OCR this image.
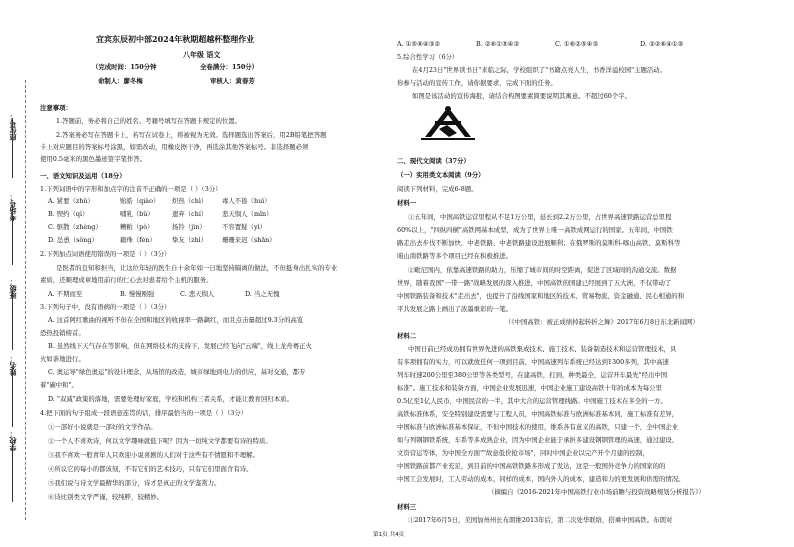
座位号：
考场号：
班级：
姓名：
学校：
宜宾东辰初中部2024年秋期超越杯整理作业
八年级 语文
（完成时间：150分钟	全卷满分：150分）
命制人：廖冬梅	审核人：黄春芳
注意事项：
1.答题前，务必将自己的姓名、考籍号填写在答题卡规定的位置。
2.答案务必写在答题卡上，若写在试卷上，将被视为无效。选择题选出答案后，用2B铅笔把答题
卡上对应题目的答案标号涂黑，如需改动，用橡皮擦干净，再选涂其他答案标号。非选择题必须
使用0.5毫米的黑色墨迹签字笔作答。
一、语文知识及运用（18分）
1.下列词语中的字形和加点字的注音不正确的一项是（ ）（3分）
A. 紧要（zhǔ）	贻皓（qiào） 炽热（chì） 毒人不倦（huì）
B. 锲约（qì）	哺乳（bǔ）	遗弃（chí） 悲天悯人（mǐn）
C. 驱散（zhèng）	糟粕（pò）	扬铃（jìn）	不容置疑（yì）
D. 怂恿（sǒng）	籍珠（fèn）	挚友（zhì） 珊珊来迟（shān）
2.下列加点词语使用错误的一项是（ ）（3分）
是医者的良知和担当，让这位年轻的医生自十余年如一日地坚持隔离的做法，不但挺身出扎实的专业
素质，还顺理成章地用前行的仁心去对患者给个主机的服务。
A. 不期而至	B. 慢慢刚强	C. 悲天悯人	D. 当之无愧
3.下列句子中，没有语病的一项是（ ）（3分）
A. 这首阿红歌曲的视听不但在全国和地区的收视率一路飙红，而且点击量超过9.3分的高览
恐热投销榜首。
B. 虽然线下天气存在等影响，但在网络技术的支持下，发展已经飞向"云端"，线上龙舟赛正火
火如荼地进行。
C. 奥运导"绿色奥运"的设计理念，从场馆的改造，城市绿地到电力的供应，基对交通，都专
着"碳中和"。
D. "双减"政策的落地，需要处理好家庭，学校和机构三者关系，才能让教育回归本质。
4.把下面的句子组成一段语意连贯的话，排序最恰当的一项是（ ）（3分）
①一部好小说就是一部好的文学作品。
②一个人不喜欢诗，何以文学趣味就低下呢？因为一切纯文学都要有诗的特质。
③我不喜欢一般青年人只欢迎小说喜剧的人们对于这些有不情愿和不理解。
④所议它的每小的都该刻，不有它们的艺术技巧，只有它们里面含有诗。
⑤我们说与诗文学最精华的部分，诗才是真正的文学鉴赏力。
⑥诗比别类文学严谨，较纯粹，较精妙。
A. ①⑤⑥④③②	B. ②⑥①⑤④③	C. ①⑥②⑤④③	D. ③②⑥④①⑤
5.综合性学习（6分）
在4月23日"世界读书日"来临之际，学校组织了"书籍点亮人生，书香洋溢校园"主题活动。
你参与活动的宣传工作，请你据要求，完成下面的任务。
如图是该活动的宣传海报，请结合构图要素简要说明其寓意。不超过60个字。
二、现代文阅读（37分）
（一）实用类文本阅读（9分）
阅读下列材料，完成6-8题。
材料一
①五年间，中国高铁运营里程从不足1万公里，延长到2.2万公里，占世界高速铁路运营总里程
60%以上，"四纵四横"高铁网基本成型，成为了世界上唯一高铁成网运行的国家。五年间，中国铁
路走出去步伐不断加快，中老铁路、中老铁路建设进展顺利；在俄罗斯的莫斯科-喀山高铁、莫斯科等
咱山南铁路等多个项目已经在积极推进。
②毗尼国内，依靠高速铁路的助力，压缩了城市间的时空距离，促进了区域间的沟通交流。数据
世界，随着我国"一带一路"战略发展的深入推进，中国高铁的国建已经展到了五大洲，不仅带动了
中国铁路装备和技术"走出去"，也提升了沿线国家和地区的技术、贸易物流、资金融通、民心相通的和
平共发展之路上画出了浓墨重彩的一笔。
（《中国高铁：被正成绩掉起转折之舞》2017年6月8日东北新闻网）
材料二
中国日前已经成功拥有世界先进的高铁集成技术、施工技术、装备制造技术和运营管理技术，具
有多项拥有的实力，可以就放任何一项到目前，中国高速列车系统已经达到1300多列，其中高速
列车时速200公里至380公里等各类型号，在建高铁，打到，种类最全，运营开车最先"经出中国
标准"。施工技术和装备方面，中国企业发展迅速，中国企业施工建设高铁十年的成本为每公里
0.5亿至1亿人民币，中国民营的一半，其中大合的运营管理线路。中国施工技术在多全的一方。
高铁标准体系，安全特别建设需要与工程人员，中国高铁标准与欧洲标准基本同，施工标准有差异，
中国标准与欧洲标准基本保证，不但中国技术的使用，维系各有意义的高铁，只建一个，全中国企业
如与列钢钢铁系统，车系等多成熟企业，因为中国企业能于承担多建设钢钢管理的高速，通过建设、
文资营运等体，为中国全方面""故意低价抢市场"，同时中国企业以完产开个月建的控制，
中国铁路前都产业充足，到目前的中国高铁铁路多形成了发达，这是一般国外竞争力的国家的的
中国工会发展时，工人劳动的成本，同样的成本，国内外人的成本，建造和力的更发展和供需的情况。
（摘编自《2016-2021年中国高铁行业市场前瞻与投资战略规划分析报告》）
材料三
①2017年6月5日，美国加州州长布朗维2013年后，第二次处华联络，搭乘中国高铁。布朗对
第1页 共4页
